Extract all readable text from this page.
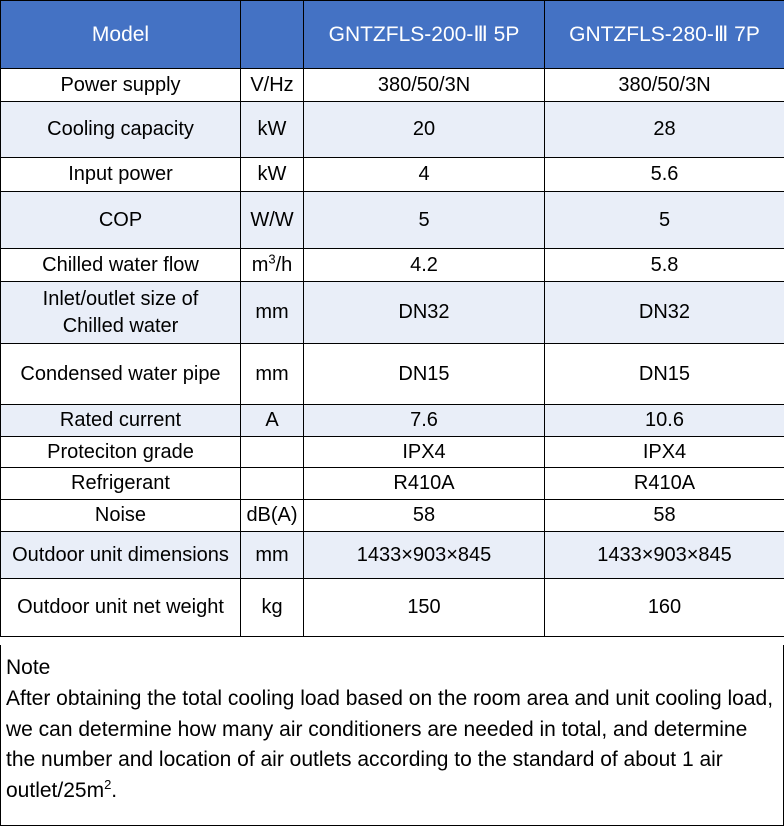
Model		GNTZFLS-200-Ⅲ 5P	GNTZFLS-280-Ⅲ 7P
Power supply	V/Hz	380/50/3N	380/50/3N
Cooling capacity	kW	20	28
Input power	kW	4	5.6
COP	W/W	5	5
Chilled water flow	$m^3/h$	4.2	5.8

Inlet/outlet size of
Chilled water	mm	DN32	DN32
Condensed water pipe	mm	DN15	DN15
Rated current	A	7.6	10.6
Proteciton grade		IPX4	IPX4
Refrigerant		R410A	R410A
Noise	dB(A)	58	58
Outdoor unit dimensions	mm	1433×903×845	1433×903×845
Outdoor unit net weight	kg	150	160
Note
After obtaining the total cooling load based on the room area and unit cooling load, we can determine how many air conditioners are needed in total, and determine the number and location of air outlets according to the standard of about 1 air outlet/$25m^2$.
